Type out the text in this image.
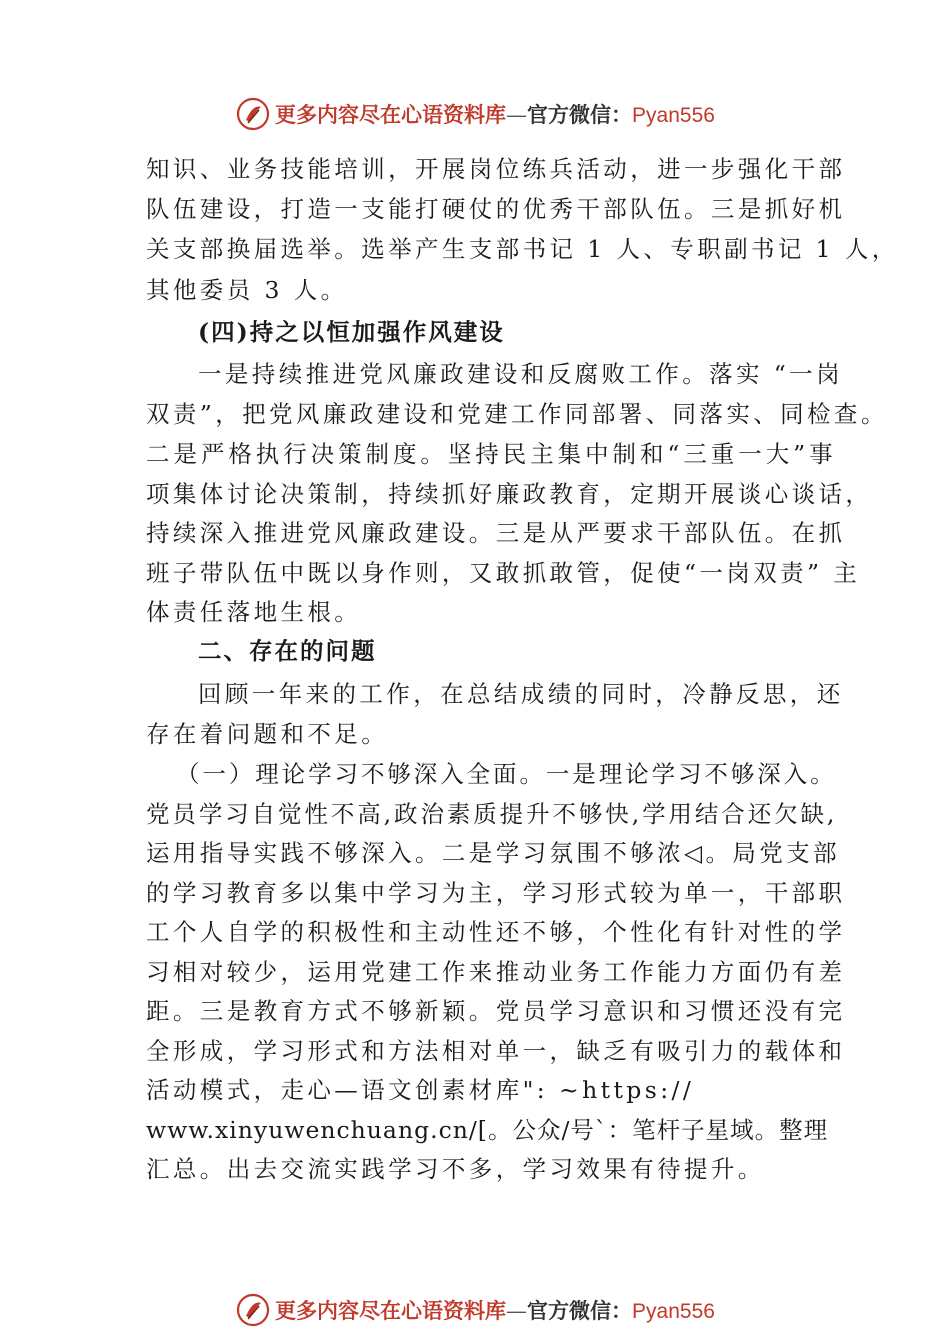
更多内容尽在心语资料库—官方微信：Pyan556
知识、业务技能培训，开展岗位练兵活动，进一步强化干部
队伍建设，打造一支能打硬仗的优秀干部队伍。三是抓好机
关支部换届选举。选举产生支部书记 1 人、专职副书记 1 人，
其他委员 3 人。
(四)持之以恒加强作风建设
一是持续推进党风廉政建设和反腐败工作。落实 “一岗
双责”，把党风廉政建设和党建工作同部署、同落实、同检查。
二是严格执行决策制度。坚持民主集中制和“三重一大”事
项集体讨论决策制，持续抓好廉政教育，定期开展谈心谈话，
持续深入推进党风廉政建设。三是从严要求干部队伍。在抓
班子带队伍中既以身作则，又敢抓敢管，促使“一岗双责” 主
体责任落地生根。
二、存在的问题
回顾一年来的工作，在总结成绩的同时，冷静反思，还
存在着问题和不足。
（一）理论学习不够深入全面。一是理论学习不够深入。
党员学习自觉性不高,政治素质提升不够快,学用结合还欠缺,
运用指导实践不够深入。二是学习氛围不够浓◁。局党支部
的学习教育多以集中学习为主，学习形式较为单一，干部职
工个人自学的积极性和主动性还不够，个性化有针对性的学
习相对较少，运用党建工作来推动业务工作能力方面仍有差
距。三是教育方式不够新颖。党员学习意识和习惯还没有完
全形成，学习形式和方法相对单一，缺乏有吸引力的载体和
活动模式，走心—语文创素材库": ~https://
www.xinyuwenchuang.cn/[。公众/号`：笔杆子星域。整理
汇总。出去交流实践学习不多，学习效果有待提升。
更多内容尽在心语资料库—官方微信：Pyan556
